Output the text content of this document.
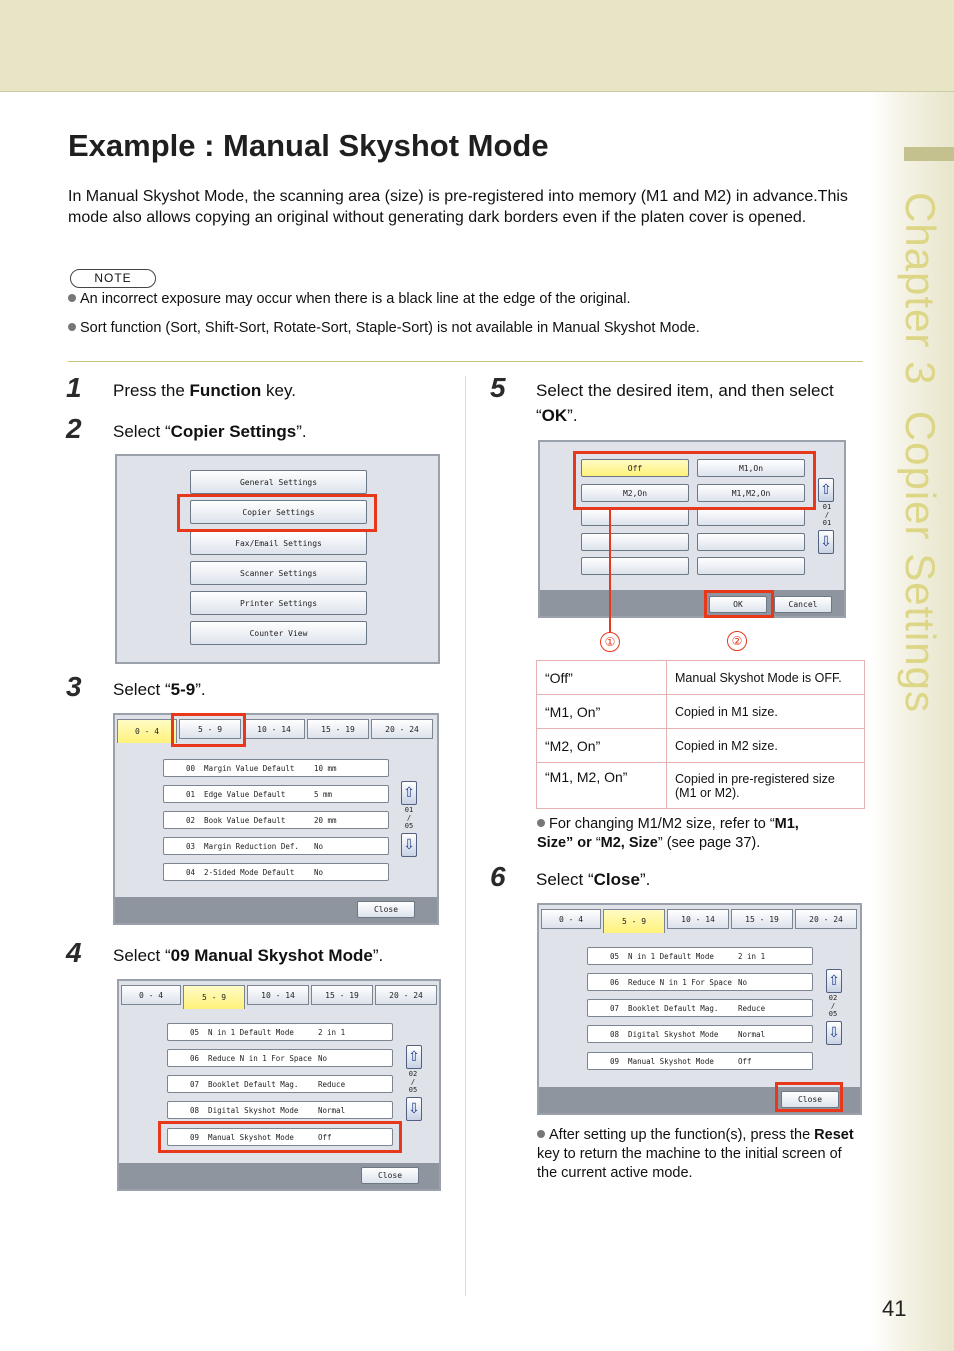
Chapter 3  Copier Settings
Example : Manual Skyshot Mode

In Manual Skyshot Mode, the scanning area (size) is pre-registered into memory (M1 and M2) in advance.This mode also allows copying an original without generating dark borders even if the platen cover is opened.

NOTE
An incorrect exposure may occur when there is a black line at the edge of the original.
Sort function (Sort, Shift-Sort, Rotate-Sort, Staple-Sort) is not available in Manual Skyshot Mode.
1 Press the Function key.
2 Select “Copier Settings”.
General Settings
Copier Settings
Fax/Email Settings
Scanner Settings
Printer Settings
Counter View
3 Select “5-9”.
0 - 4	5 - 9	10 - 14	15 - 19	20 - 24
00  Margin Value Default	10 mm
01  Edge Value Default	5 mm
02  Book Value Default	20 mm
03  Margin Reduction Def. No
04  2-Sided Mode Default	No
⇧
01
/
05
⇩
Close
4 Select “09 Manual Skyshot Mode”.
0 - 4	5 - 9	10 - 14	15 - 19	20 - 24
05  N in 1 Default Mode	2 in 1
06  Reduce N in 1 For Space No
07  Booklet Default Mag.	Reduce
08  Digital Skyshot Mode	Normal
09  Manual Skyshot Mode	Off
⇧
02
/
05
⇩
Close
5 Select the desired item, and then select “OK”.
Off	M1,On
M2,On	M1,M2,On	⇧
01
/
01
⇩
OK	Cancel
①	②
“Off”	Manual Skyshot Mode is OFF.
“M1, On”	Copied in M1 size.
“M2, On”	Copied in M2 size.
“M1, M2, On”	Copied in pre-registered size (M1 or M2).
For changing M1/M2 size, refer to “M1, Size” or “M2, Size” (see page 37).
6 Select “Close”.
0 - 4	5 - 9	10 - 14	15 - 19	20 - 24
05  N in 1 Default Mode	2 in 1
06  Reduce N in 1 For Space No
07  Booklet Default Mag.	Reduce
08  Digital Skyshot Mode	Normal
09  Manual Skyshot Mode	Off
⇧
02
/
05
⇩
Close
After setting up the function(s), press the Reset key to return the machine to the initial screen of the current active mode.
41
